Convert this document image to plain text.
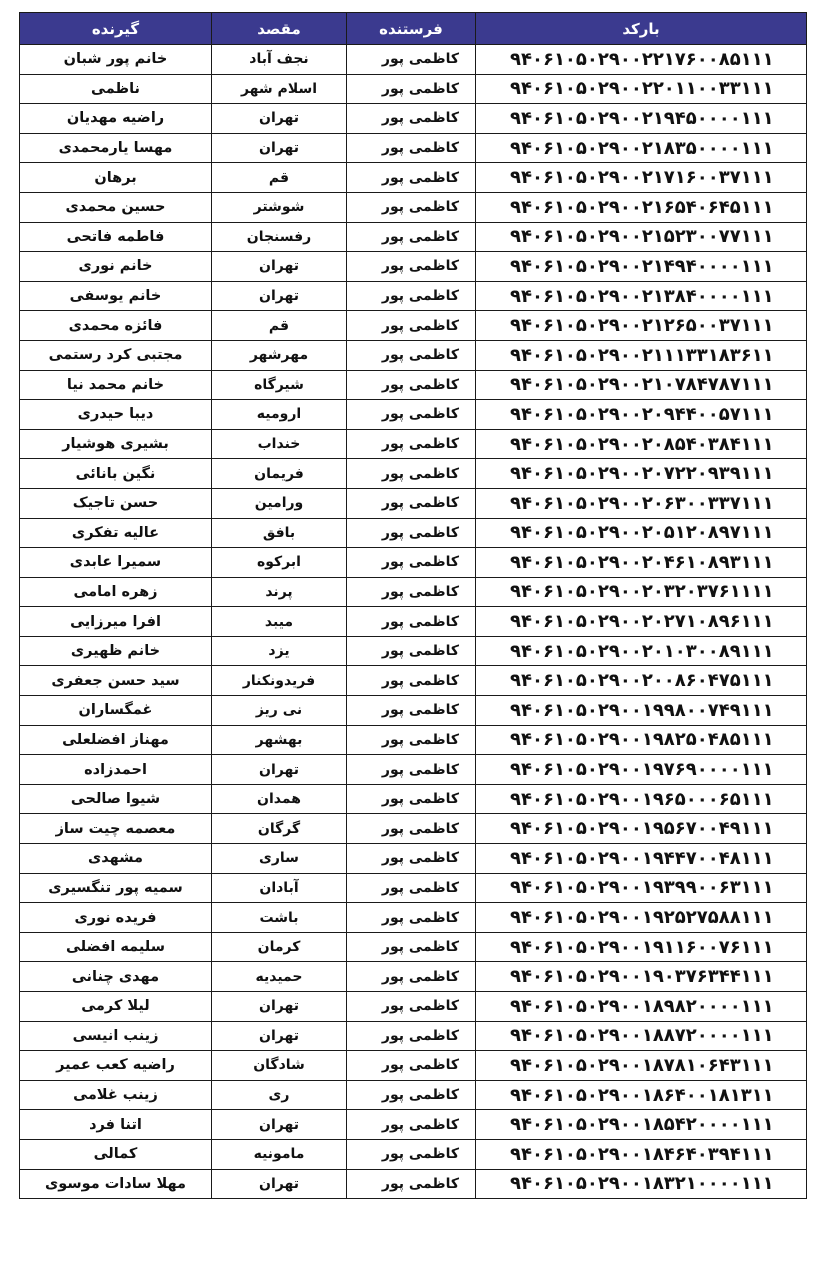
بارکد	فرستنده	مقصد	گیرنده
۹۴۰۶۱۰۵۰۲۹۰۰۲۲۱۷۶۰۰۸۵۱۱۱	کاظمی پور	نجف آباد	خانم پور شبان
۹۴۰۶۱۰۵۰۲۹۰۰۲۲۰۱۱۰۰۳۳۱۱۱	کاظمی پور	اسلام شهر	ناظمی
۹۴۰۶۱۰۵۰۲۹۰۰۲۱۹۴۵۰۰۰۰۱۱۱	کاظمی پور	تهران	راضیه مهدیان
۹۴۰۶۱۰۵۰۲۹۰۰۲۱۸۳۵۰۰۰۰۱۱۱	کاظمی پور	تهران	مهسا یارمحمدی
۹۴۰۶۱۰۵۰۲۹۰۰۲۱۷۱۶۰۰۳۷۱۱۱	کاظمی پور	قم	برهان
۹۴۰۶۱۰۵۰۲۹۰۰۲۱۶۵۴۰۶۴۵۱۱۱	کاظمی پور	شوشتر	حسین محمدی
۹۴۰۶۱۰۵۰۲۹۰۰۲۱۵۲۳۰۰۷۷۱۱۱	کاظمی پور	رفسنجان	فاطمه فاتحی
۹۴۰۶۱۰۵۰۲۹۰۰۲۱۴۹۴۰۰۰۰۱۱۱	کاظمی پور	تهران	خانم نوری
۹۴۰۶۱۰۵۰۲۹۰۰۲۱۳۸۴۰۰۰۰۱۱۱	کاظمی پور	تهران	خانم یوسفی
۹۴۰۶۱۰۵۰۲۹۰۰۲۱۲۶۵۰۰۳۷۱۱۱	کاظمی پور	قم	فائزه محمدی
۹۴۰۶۱۰۵۰۲۹۰۰۲۱۱۱۳۳۱۸۳۶۱۱	کاظمی پور	مهرشهر	مجتبی کرد رستمی
۹۴۰۶۱۰۵۰۲۹۰۰۲۱۰۷۸۴۷۸۷۱۱۱	کاظمی پور	شیرگاه	خانم محمد نیا
۹۴۰۶۱۰۵۰۲۹۰۰۲۰۹۴۴۰۰۵۷۱۱۱	کاظمی پور	ارومیه	دیبا حیدری
۹۴۰۶۱۰۵۰۲۹۰۰۲۰۸۵۴۰۳۸۴۱۱۱	کاظمی پور	خنداب	بشیری هوشیار
۹۴۰۶۱۰۵۰۲۹۰۰۲۰۷۲۲۰۹۳۹۱۱۱	کاظمی پور	فریمان	نگین بانائی
۹۴۰۶۱۰۵۰۲۹۰۰۲۰۶۳۰۰۳۳۷۱۱۱	کاظمی پور	ورامین	حسن تاجیک
۹۴۰۶۱۰۵۰۲۹۰۰۲۰۵۱۲۰۸۹۷۱۱۱	کاظمی پور	بافق	عالیه تفکری
۹۴۰۶۱۰۵۰۲۹۰۰۲۰۴۶۱۰۸۹۳۱۱۱	کاظمی پور	ابرکوه	سمیرا عابدی
۹۴۰۶۱۰۵۰۲۹۰۰۲۰۳۲۰۳۷۶۱۱۱۱	کاظمی پور	پرند	زهره امامی
۹۴۰۶۱۰۵۰۲۹۰۰۲۰۲۷۱۰۸۹۶۱۱۱	کاظمی پور	میبد	افرا میرزایی
۹۴۰۶۱۰۵۰۲۹۰۰۲۰۱۰۳۰۰۸۹۱۱۱	کاظمی پور	یزد	خانم ظهیری
۹۴۰۶۱۰۵۰۲۹۰۰۲۰۰۸۶۰۴۷۵۱۱۱	کاظمی پور	فریدونکنار	سید حسن جعفری
۹۴۰۶۱۰۵۰۲۹۰۰۱۹۹۸۰۰۷۴۹۱۱۱	کاظمی پور	نی ریز	غمگساران
۹۴۰۶۱۰۵۰۲۹۰۰۱۹۸۲۵۰۴۸۵۱۱۱	کاظمی پور	بهشهر	مهناز افضلعلی
۹۴۰۶۱۰۵۰۲۹۰۰۱۹۷۶۹۰۰۰۰۱۱۱	کاظمی پور	تهران	احمدزاده
۹۴۰۶۱۰۵۰۲۹۰۰۱۹۶۵۰۰۰۶۵۱۱۱	کاظمی پور	همدان	شیوا صالحی
۹۴۰۶۱۰۵۰۲۹۰۰۱۹۵۶۷۰۰۴۹۱۱۱	کاظمی پور	گرگان	معصمه چیت ساز
۹۴۰۶۱۰۵۰۲۹۰۰۱۹۴۴۷۰۰۴۸۱۱۱	کاظمی پور	ساری	مشهدی
۹۴۰۶۱۰۵۰۲۹۰۰۱۹۳۹۹۰۰۶۳۱۱۱	کاظمی پور	آبادان	سمیه پور تنگسیری
۹۴۰۶۱۰۵۰۲۹۰۰۱۹۲۵۲۷۵۸۸۱۱۱	کاظمی پور	باشت	فریده نوری
۹۴۰۶۱۰۵۰۲۹۰۰۱۹۱۱۶۰۰۷۶۱۱۱	کاظمی پور	کرمان	سلیمه افضلی
۹۴۰۶۱۰۵۰۲۹۰۰۱۹۰۳۷۶۳۴۴۱۱۱	کاظمی پور	حمیدیه	مهدی چنانی
۹۴۰۶۱۰۵۰۲۹۰۰۱۸۹۸۲۰۰۰۰۱۱۱	کاظمی پور	تهران	لیلا کرمی
۹۴۰۶۱۰۵۰۲۹۰۰۱۸۸۷۲۰۰۰۰۱۱۱	کاظمی پور	تهران	زینب انیسی
۹۴۰۶۱۰۵۰۲۹۰۰۱۸۷۸۱۰۶۴۳۱۱۱	کاظمی پور	شادگان	راضیه کعب عمیر
۹۴۰۶۱۰۵۰۲۹۰۰۱۸۶۴۰۰۱۸۱۳۱۱	کاظمی پور	ری	زینب غلامی
۹۴۰۶۱۰۵۰۲۹۰۰۱۸۵۴۲۰۰۰۰۱۱۱	کاظمی پور	تهران	اتنا فرد
۹۴۰۶۱۰۵۰۲۹۰۰۱۸۴۶۴۰۳۹۴۱۱۱	کاظمی پور	مامونیه	کمالی
۹۴۰۶۱۰۵۰۲۹۰۰۱۸۳۲۱۰۰۰۰۱۱۱	کاظمی پور	تهران	مهلا سادات موسوی
